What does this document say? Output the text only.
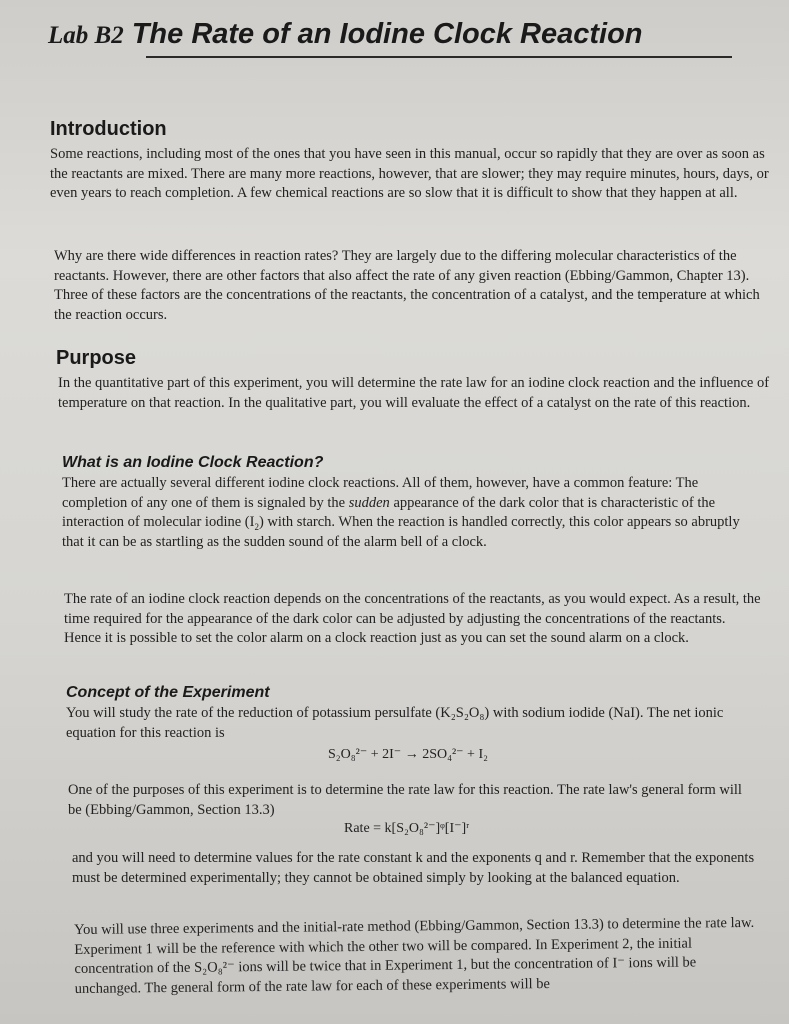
Lab B2 The Rate of an Iodine Clock Reaction
Introduction
Some reactions, including most of the ones that you have seen in this manual, occur so rapidly that they are over as soon as the reactants are mixed. There are many more reactions, however, that are slower; they may require minutes, hours, days, or even years to reach completion. A few chemical reactions are so slow that it is difficult to show that they happen at all.
Why are there wide differences in reaction rates? They are largely due to the differing molecular characteristics of the reactants. However, there are other factors that also affect the rate of any given reaction (Ebbing/Gammon, Chapter 13). Three of these factors are the concentrations of the reactants, the concentration of a catalyst, and the temperature at which the reaction occurs.
Purpose
In the quantitative part of this experiment, you will determine the rate law for an iodine clock reaction and the influence of temperature on that reaction. In the qualitative part, you will evaluate the effect of a catalyst on the rate of this reaction.
What is an Iodine Clock Reaction?
There are actually several different iodine clock reactions. All of them, however, have a common feature: The completion of any one of them is signaled by the sudden appearance of the dark color that is characteristic of the interaction of molecular iodine $(I_2)$ with starch. When the reaction is handled correctly, this color appears so abruptly that it can be as startling as the sudden sound of the alarm bell of a clock.
The rate of an iodine clock reaction depends on the concentrations of the reactants, as you would expect. As a result, the time required for the appearance of the dark color can be adjusted by adjusting the concentrations of the reactants. Hence it is possible to set the color alarm on a clock reaction just as you can set the sound alarm on a clock.
Concept of the Experiment
You will study the rate of the reduction of potassium persulfate (K₂S₂O₈) with sodium iodide (NaI). The net ionic equation for this reaction is
S₂O₈²⁻ + 2I⁻ → 2SO₄²⁻ + I₂
One of the purposes of this experiment is to determine the rate law for this reaction. The rate law's general form will be (Ebbing/Gammon, Section 13.3)
Rate = k[S₂O₈²⁻]ᵠ[I⁻]ʳ
and you will need to determine values for the rate constant k and the exponents q and r. Remember that the exponents must be determined experimentally; they cannot be obtained simply by looking at the balanced equation.
You will use three experiments and the initial-rate method (Ebbing/Gammon, Section 13.3) to determine the rate law. Experiment 1 will be the reference with which the other two will be compared. In Experiment 2, the initial concentration of the S₂O₈²⁻ ions will be twice that in Experiment 1, but the concentration of I⁻ ions will be unchanged. The general form of the rate law for each of these experiments will be
